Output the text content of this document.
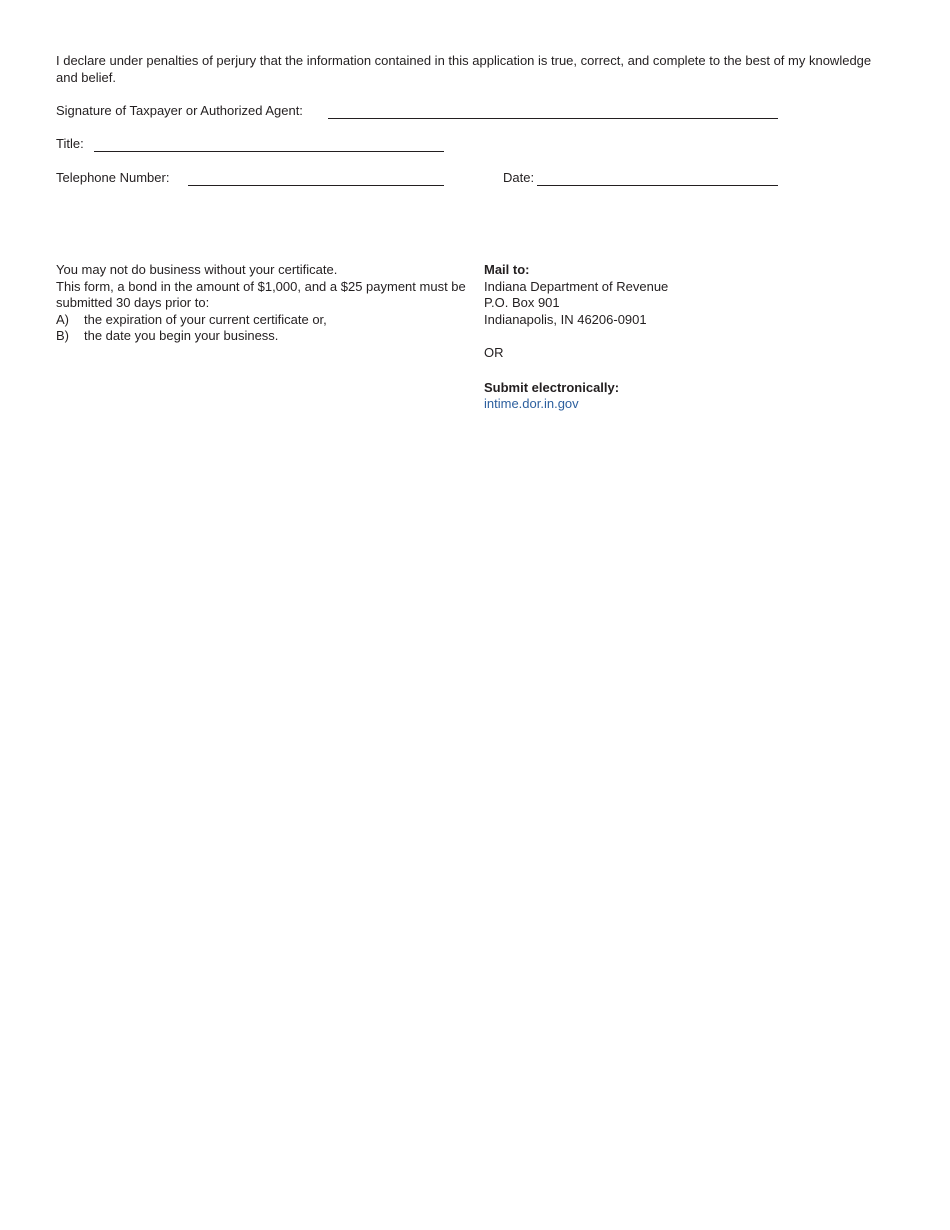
I declare under penalties of perjury that the information contained in this application is true, correct, and complete to the best of my knowledge and belief.
Signature of Taxpayer or Authorized Agent:
Title:
Telephone Number:	Date:

You may not do business without your certificate.

This form, a bond in the amount of $1,000, and a $25 payment must be submitted 30 days prior to:

A)	the expiration of your current certificate or,
B)	the date you begin your business.

Mail to:

Indiana Department of Revenue

P.O. Box 901

Indianapolis, IN 46206-0901

OR

Submit electronically:

intime.dor.in.gov
